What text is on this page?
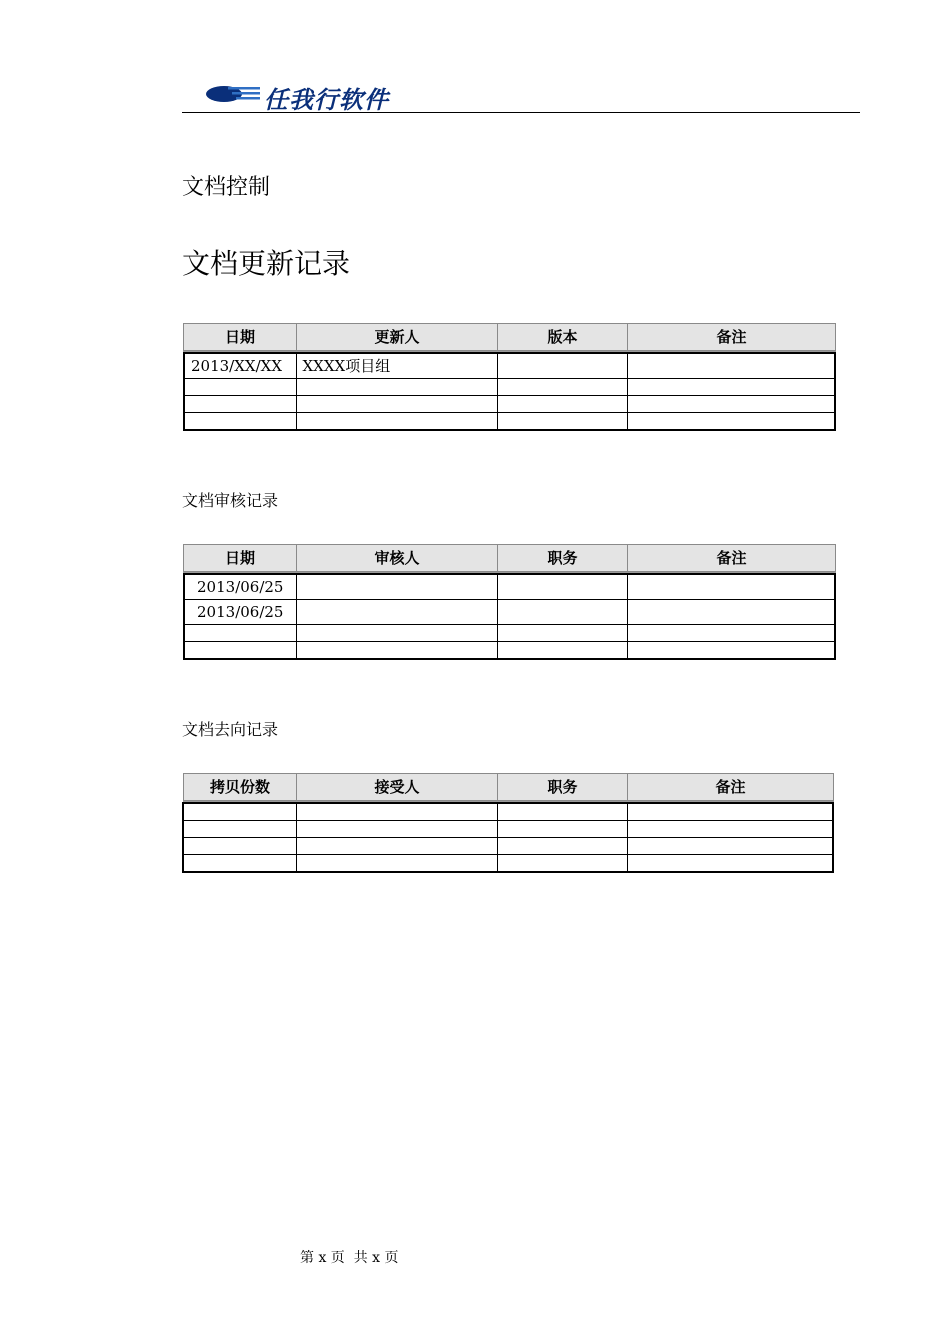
任我行软件
文档控制
文档更新记录
日期	更新人	版本	备注
2013/XX/XX	XXXX项目组		

文档审核记录
日期	审核人	职务	备注
2013/06/25			
2013/06/25			

文档去向记录
拷贝份数	接受人	职务	备注

第 x 页  共 x 页
